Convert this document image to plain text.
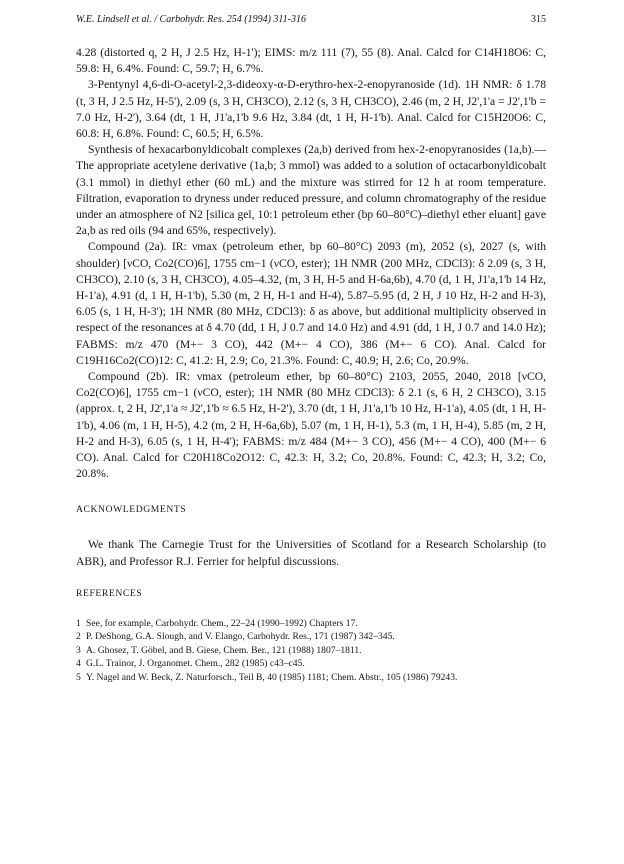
W.E. Lindsell et al. / Carbohydr. Res. 254 (1994) 311-316	315

4.28 (distorted q, 2 H, J 2.5 Hz, H-1'); EIMS: m/z 111 (7), 55 (8). Anal. Calcd for C14H18O6: C, 59.8: H, 6.4%. Found: C, 59.7; H, 6.7%.

3-Pentynyl 4,6-di-O-acetyl-2,3-dideoxy-α-D-erythro-hex-2-enopyranoside (1d). 1H NMR: δ 1.78 (t, 3 H, J 2.5 Hz, H-5'), 2.09 (s, 3 H, CH3CO), 2.12 (s, 3 H, CH3CO), 2.46 (m, 2 H, J2',1'a = J2',1'b = 7.0 Hz, H-2'), 3.64 (dt, 1 H, J1'a,1'b 9.6 Hz, 3.84 (dt, 1 H, H-1'b). Anal. Calcd for C15H20O6: C, 60.8: H, 6.8%. Found: C, 60.5; H, 6.5%.

Synthesis of hexacarbonyldicobalt complexes (2a,b) derived from hex-2-enopyranosides (1a,b).—The appropriate acetylene derivative (1a,b; 3 mmol) was added to a solution of octacarbonyldicobalt (3.1 mmol) in diethyl ether (60 mL) and the mixture was stirred for 12 h at room temperature. Filtration, evaporation to dryness under reduced pressure, and column chromatography of the residue under an atmosphere of N2 [silica gel, 10:1 petroleum ether (bp 60–80°C)–diethyl ether eluant] gave 2a,b as red oils (94 and 65%, respectively).

Compound (2a). IR: νmax (petroleum ether, bp 60–80°C) 2093 (m), 2052 (s), 2027 (s, with shoulder) [νCO, Co2(CO)6], 1755 cm−1 (νCO, ester); 1H NMR (200 MHz, CDCl3): δ 2.09 (s, 3 H, CH3CO), 2.10 (s, 3 H, CH3CO), 4.05–4.32, (m, 3 H, H-5 and H-6a,6b), 4.70 (d, 1 H, J1'a,1'b 14 Hz, H-1'a), 4.91 (d, 1 H, H-1'b), 5.30 (m, 2 H, H-1 and H-4), 5.87–5.95 (d, 2 H, J 10 Hz, H-2 and H-3), 6.05 (s, 1 H, H-3'); 1H NMR (80 MHz, CDCl3): δ as above, but additional multiplicity observed in respect of the resonances at δ 4.70 (dd, 1 H, J 0.7 and 14.0 Hz) and 4.91 (dd, 1 H, J 0.7 and 14.0 Hz); FABMS: m/z 470 (M+− 3 CO), 442 (M+− 4 CO), 386 (M+− 6 CO). Anal. Calcd for C19H16Co2(CO)12: C, 41.2: H, 2.9; Co, 21.3%. Found: C, 40.9; H, 2.6; Co, 20.9%.

Compound (2b). IR: νmax (petroleum ether, bp 60–80°C) 2103, 2055, 2040, 2018 [νCO, Co2(CO)6], 1755 cm−1 (νCO, ester); 1H NMR (80 MHz CDCl3): δ 2.1 (s, 6 H, 2 CH3CO), 3.15 (approx. t, 2 H, J2',1'a ≈ J2',1'b ≈ 6.5 Hz, H-2'), 3.70 (dt, 1 H, J1'a,1'b 10 Hz, H-1'a), 4.05 (dt, 1 H, H-1'b), 4.06 (m, 1 H, H-5), 4.2 (m, 2 H, H-6a,6b), 5.07 (m, 1 H, H-1), 5.3 (m, 1 H, H-4), 5.85 (m, 2 H, H-2 and H-3), 6.05 (s, 1 H, H-4'); FABMS: m/z 484 (M+− 3 CO), 456 (M+− 4 CO), 400 (M+− 6 CO). Anal. Calcd for C20H18Co2O12: C, 42.3: H, 3.2; Co, 20.8%. Found: C, 42.3; H, 3.2; Co, 20.8%.

ACKNOWLEDGMENTS

We thank The Carnegie Trust for the Universities of Scotland for a Research Scholarship (to ABR), and Professor R.J. Ferrier for helpful discussions.

REFERENCES
1 See, for example, Carbohydr. Chem., 22–24 (1990–1992) Chapters 17.
2 P. DeShong, G.A. Slough, and V. Elango, Carbohydr. Res., 171 (1987) 342–345.
3 A. Ghosez, T. Göbel, and B. Giese, Chem. Ber., 121 (1988) 1807–1811.
4 G.L. Trainor, J. Organomet. Chem., 282 (1985) c43–c45.
5 Y. Nagel and W. Beck, Z. Naturforsch., Teil B, 40 (1985) 1181; Chem. Abstr., 105 (1986) 79243.
